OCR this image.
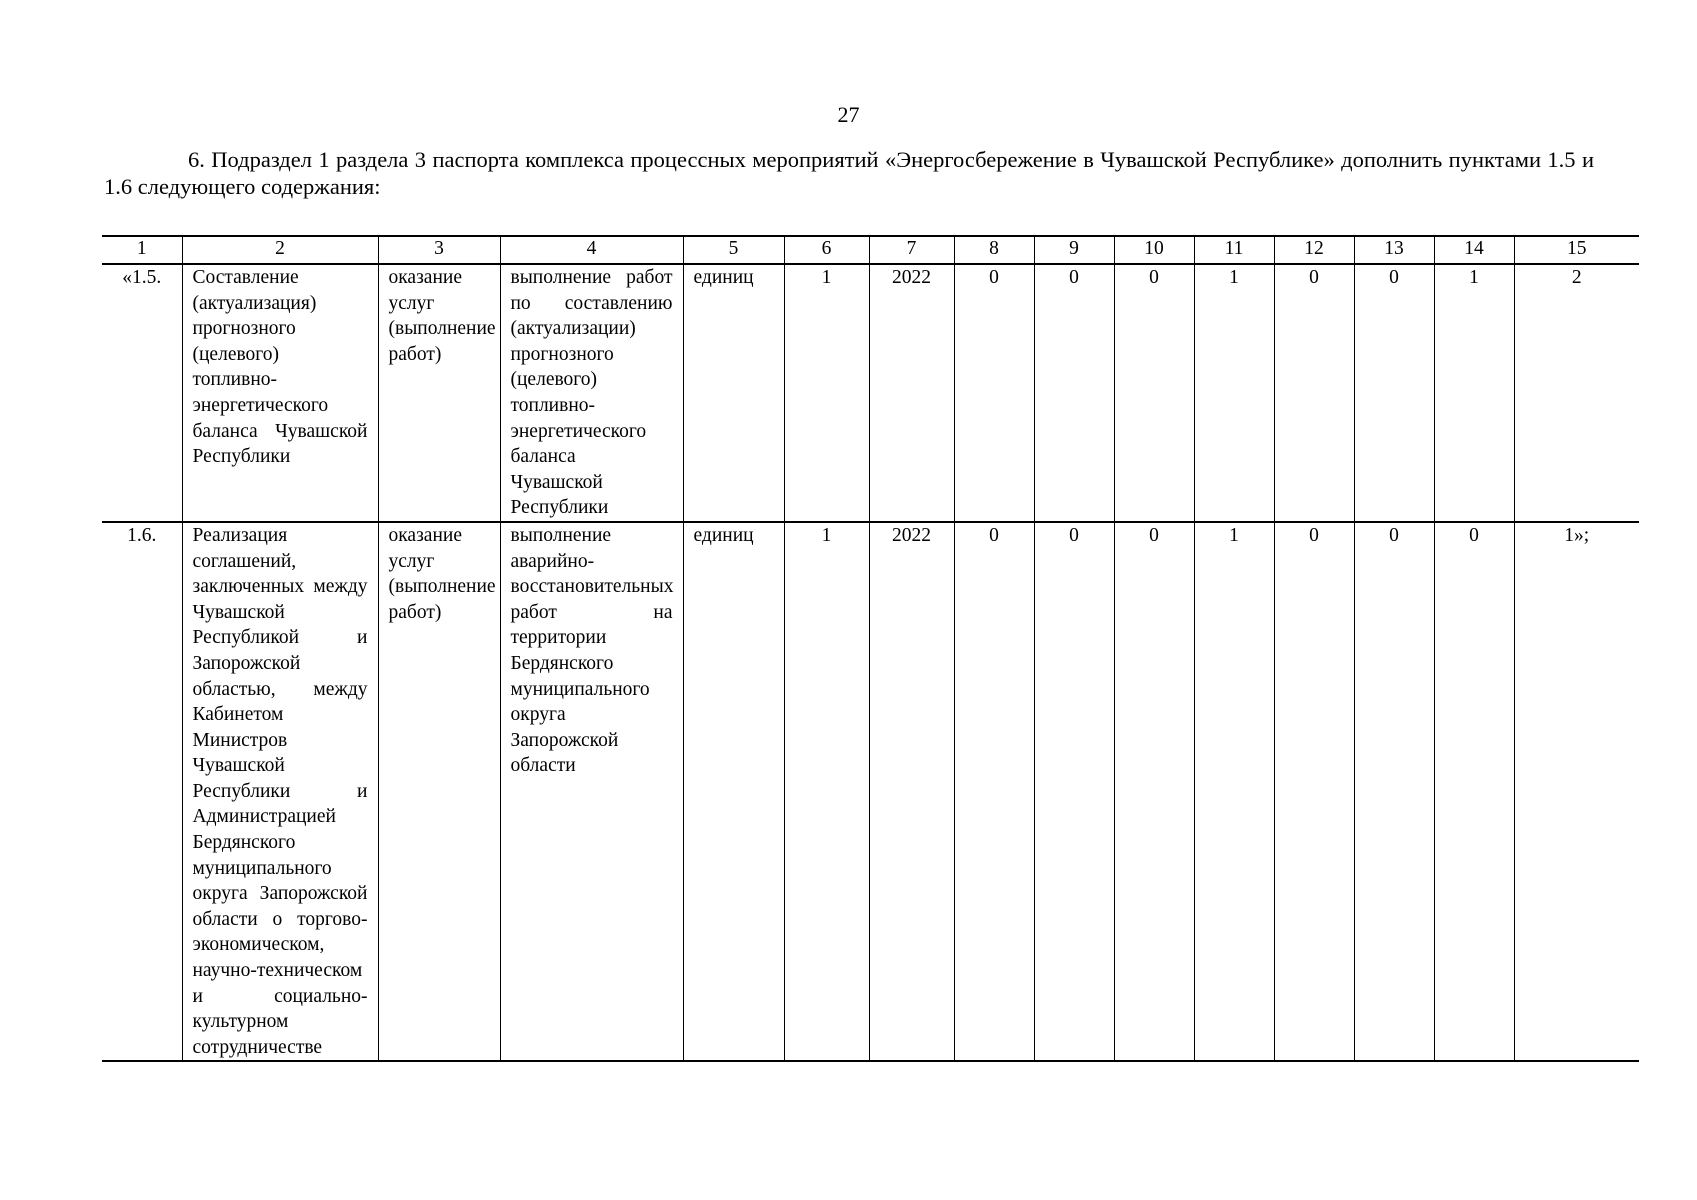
27

6. Подраздел 1 раздела 3 паспорта комплекса процессных мероприятий «Энергосбережение в Чувашской Республике» дополнить пунктами 1.5 и 1.6 следующего содержания:

1	2	3	4	5	6	7	8	9	10	11	12	13	14	15
«1.5.	Составление (актуализация) прогнозного (целевого) топливно-энергетического баланса Чувашской Республики	оказание услуг (выполнение работ)	выполнение работ по составлению (актуализации) прогнозного (целевого) топливно-энергетического баланса Чувашской Республики	единиц	1	2022	0	0	0	1	0	0	1	2
1.6.	Реализация соглашений, заключенных между Чувашской Республикой и Запорожской областью, между Кабинетом Министров Чувашской Республики и Администрацией Бердянского муниципального округа Запорожской области о торгово-экономическом, научно-техническом и социально-культурном сотрудничестве	оказание услуг (выполнение работ)	выполнение аварийно-восстановительных работ на территории Бердянского муниципального округа Запорожской области	единиц	1	2022	0	0	0	1	0	0	0	1»;
